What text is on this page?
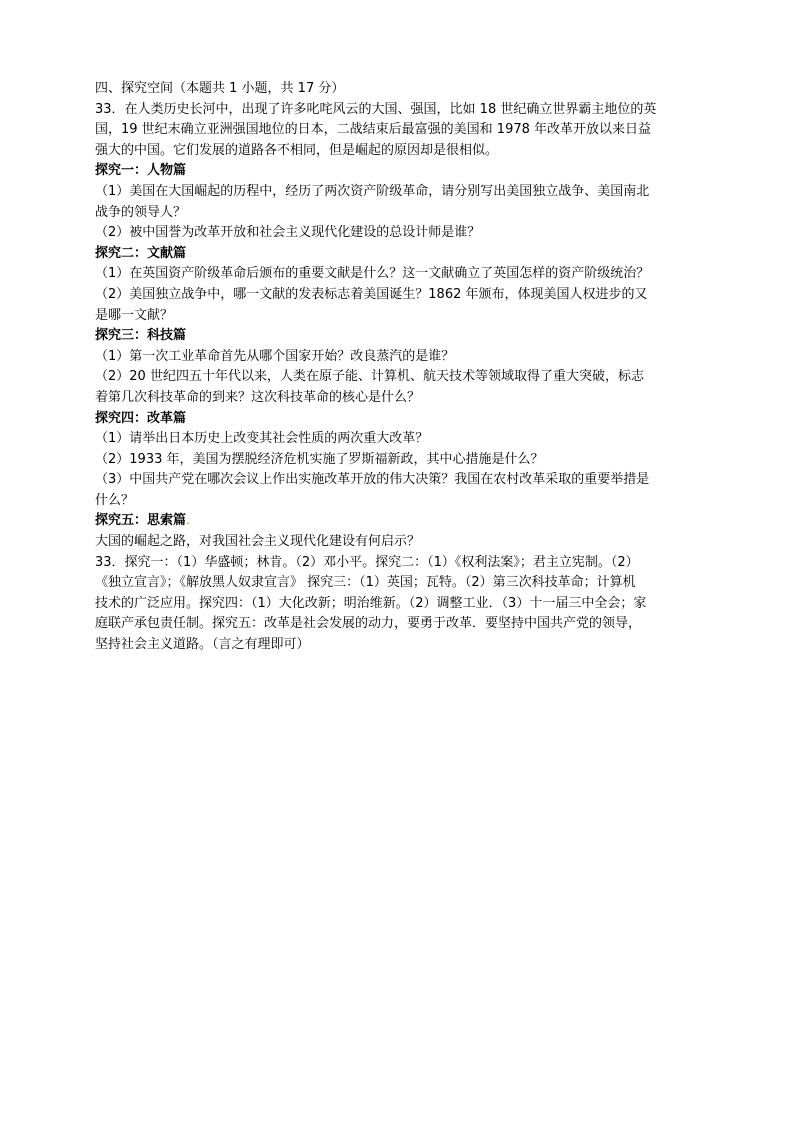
四、探究空间（本题共 1 小题，共 17 分）
33．在人类历史长河中，出现了许多叱咤风云的大国、强国，比如 18 世纪确立世界霸主地位的英
国，19 世纪末确立亚洲强国地位的日本，二战结束后最富强的美国和 1978 年改革开放以来日益
强大的中国。它们发展的道路各不相同，但是崛起的原因却是很相似。
探究一：人物篇
（1）美国在大国崛起的历程中，经历了两次资产阶级革命，请分别写出美国独立战争、美国南北
战争的领导人？
（2）被中国誉为改革开放和社会主义现代化建设的总设计师是谁？
探究二：文献篇
（1）在英国资产阶级革命后颁布的重要文献是什么？这一文献确立了英国怎样的资产阶级统治？
（2）美国独立战争中，哪一文献的发表标志着美国诞生？1862 年颁布，体现美国人权进步的又
是哪一文献？
探究三：科技篇
（1）第一次工业革命首先从哪个国家开始？改良蒸汽的是谁？
（2）20 世纪四五十年代以来，人类在原子能、计算机、航天技术等领域取得了重大突破，标志
着第几次科技革命的到来？这次科技革命的核心是什么？
探究四：改革篇
（1）请举出日本历史上改变其社会性质的两次重大改革？
（2）1933 年，美国为摆脱经济危机实施了罗斯福新政，其中心措施是什么？
（3）中国共产党在哪次会议上作出实施改革开放的伟大决策？我国在农村改革采取的重要举措是
什么？
探究五：思索篇.
大国的崛起之路，对我国社会主义现代化建设有何启示？
33．探究一：（1）华盛顿；林肯。（2）邓小平。探究二：（1）《权利法案》；君主立宪制。（2）
《独立宣言》；《解放黑人奴隶宣言》 探究三：（1）英国；瓦特。（2）第三次科技革命；计算机
技术的广泛应用。探究四：（1）大化改新；明治维新。（2）调整工业．（3）十一届三中全会；家
庭联产承包责任制。探究五：改革是社会发展的动力，要勇于改革．要坚持中国共产党的领导，
坚持社会主义道路。（言之有理即可）
